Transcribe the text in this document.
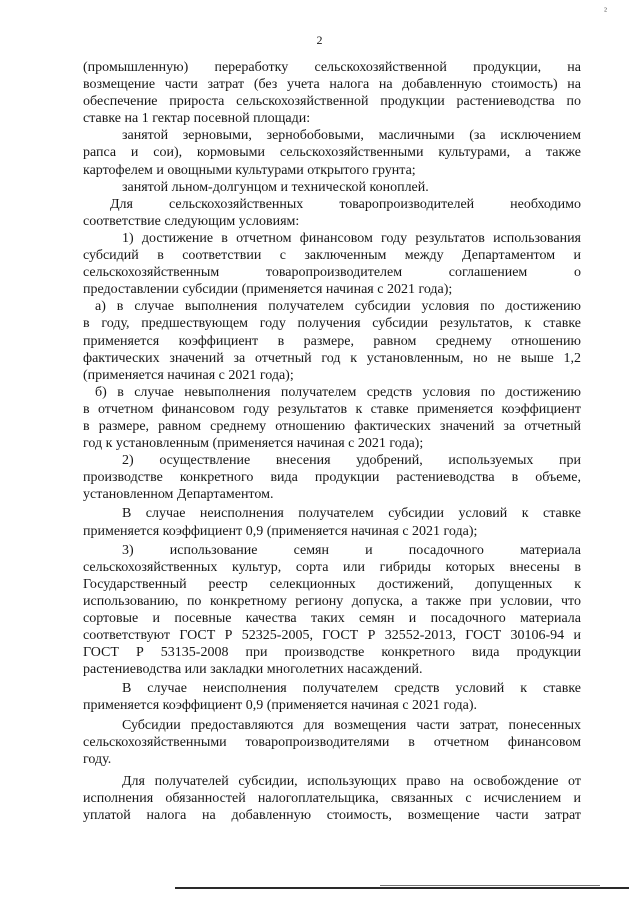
²
2
(промышленную) переработку сельскохозяйственной продукции, на
возмещение части затрат (без учета налога на добавленную стоимость) на
обеспечение прироста сельскохозяйственной продукции растениеводства по
ставке на 1 гектар посевной площади:
занятой зерновыми, зернобобовыми, масличными (за исключением
рапса и сои), кормовыми сельскохозяйственными культурами, а также
картофелем и овощными культурами открытого грунта;
занятой льном-долгунцом и технической коноплей.
Для сельскохозяйственных товаропроизводителей необходимо
соответствие следующим условиям:
1) достижение в отчетном финансовом году результатов использования
субсидий в соответствии с заключенным между Департаментом и
сельскохозяйственным товаропроизводителем соглашением о
предоставлении субсидии (применяется начиная с 2021 года);
а) в случае выполнения получателем субсидии условия по достижению
в году, предшествующем году получения субсидии результатов, к ставке
применяется коэффициент в размере, равном среднему отношению
фактических значений за отчетный год к установленным, но не выше 1,2
(применяется начиная с 2021 года);
б) в случае невыполнения получателем средств условия по достижению
в отчетном финансовом году результатов к ставке применяется коэффициент
в размере, равном среднему отношению фактических значений за отчетный
год к установленным (применяется начиная с 2021 года);
2) осуществление внесения удобрений, используемых при
производстве конкретного вида продукции растениеводства в объеме,
установленном Департаментом.
В случае неисполнения получателем субсидии условий к ставке
применяется коэффициент 0,9 (применяется начиная с 2021 года);
3) использование семян и посадочного материала
сельскохозяйственных культур, сорта или гибриды которых внесены в
Государственный реестр селекционных достижений, допущенных к
использованию, по конкретному региону допуска, а также при условии, что
сортовые и посевные качества таких семян и посадочного материала
соответствуют ГОСТ Р 52325-2005, ГОСТ Р 32552-2013, ГОСТ 30106-94 и
ГОСТ Р 53135-2008 при производстве конкретного вида продукции
растениеводства или закладки многолетних насаждений.
В случае неисполнения получателем средств условий к ставке
применяется коэффициент 0,9 (применяется начиная с 2021 года).
Субсидии предоставляются для возмещения части затрат, понесенных
сельскохозяйственными товаропроизводителями в отчетном финансовом
году.
Для получателей субсидии, использующих право на освобождение от
исполнения обязанностей налогоплательщика, связанных с исчислением и
уплатой налога на добавленную стоимость, возмещение части затрат
